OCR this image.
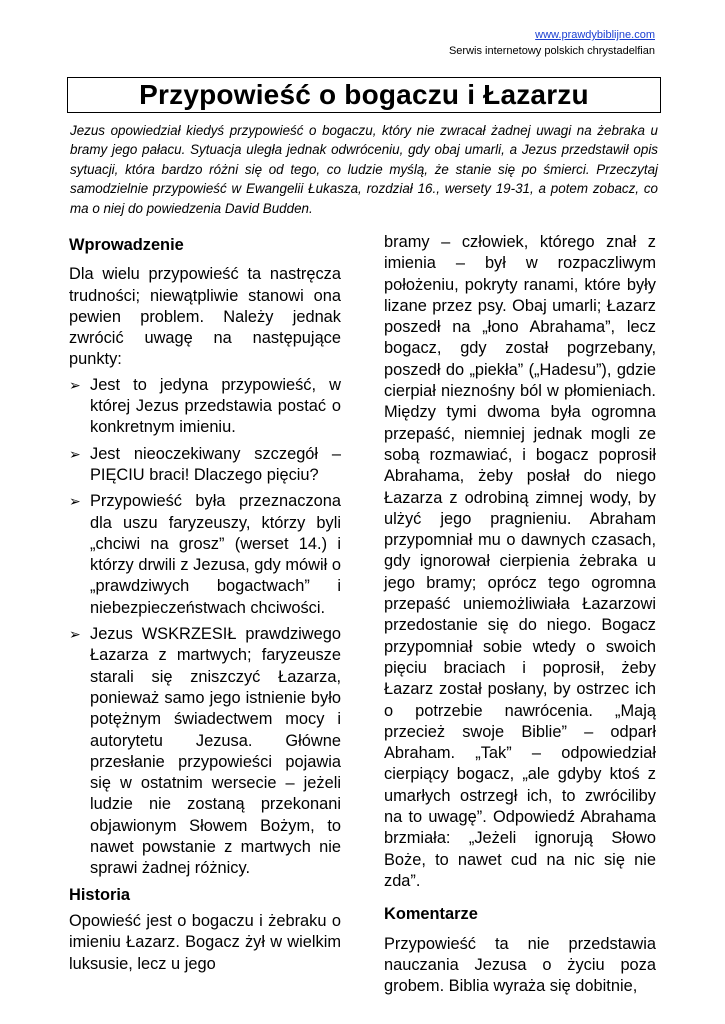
www.prawdybiblijne.com
Serwis internetowy polskich chrystadelfian
Przypowieść o bogaczu i Łazarzu

Jezus opowiedział kiedyś przypowieść o bogaczu, który nie zwracał żadnej uwagi na żebraka u bramy jego pałacu. Sytuacja uległa jednak odwróceniu, gdy obaj umarli, a Jezus przedstawił opis sytuacji, która bardzo różni się od tego, co ludzie myślą, że stanie się po śmierci. Przeczytaj samodzielnie przypowieść w Ewangelii Łukasza, rozdział 16., wersety 19-31, a potem zobacz, co ma o niej do powiedzenia David Budden.

Wprowadzenie

Dla wielu przypowieść ta nastręcza trudności; niewątpliwie stanowi ona pewien problem. Należy jednak zwrócić uwagę na następujące punkty:

➢ Jest to jedyna przypowieść, w której Jezus przedstawia postać o konkretnym imieniu.
➢ Jest nieoczekiwany szczegół – PIĘCIU braci! Dlaczego pięciu?
➢ Przypowieść była przeznaczona dla uszu faryzeuszy, którzy byli „chciwi na grosz” (werset 14.) i którzy drwili z Jezusa, gdy mówił o „prawdziwych bogactwach” i niebezpieczeństwach chciwości.
➢ Jezus WSKRZESIŁ prawdziwego Łazarza z martwych; faryzeusze starali się zniszczyć Łazarza, ponieważ samo jego istnienie było potężnym świadectwem mocy i autorytetu Jezusa. Główne przesłanie przypowieści pojawia się w ostatnim wersecie – jeżeli ludzie nie zostaną przekonani objawionym Słowem Bożym, to nawet powstanie z martwych nie sprawi żadnej różnicy.
Historia

Opowieść jest o bogaczu i żebraku o imieniu Łazarz. Bogacz żył w wielkim luksusie, lecz u jego

bramy – człowiek, którego znał z imienia – był w rozpaczliwym położeniu, pokryty ranami, które były lizane przez psy. Obaj umarli; Łazarz poszedł na „łono Abrahama”, lecz bogacz, gdy został pogrzebany, poszedł do „piekła” („Hadesu”), gdzie cierpiał nieznośny ból w płomieniach. Między tymi dwoma była ogromna przepaść, niemniej jednak mogli ze sobą rozmawiać, i bogacz poprosił Abrahama, żeby posłał do niego Łazarza z odrobiną zimnej wody, by ulżyć jego pragnieniu. Abraham przypomniał mu o dawnych czasach, gdy ignorował cierpienia żebraka u jego bramy; oprócz tego ogromna przepaść uniemożliwiała Łazarzowi przedostanie się do niego. Bogacz przypomniał sobie wtedy o swoich pięciu braciach i poprosił, żeby Łazarz został posłany, by ostrzec ich o potrzebie nawrócenia. „Mają przecież swoje Biblie” – odparł Abraham. „Tak” – odpowiedział cierpiący bogacz, „ale gdyby ktoś z umarłych ostrzegł ich, to zwróciliby na to uwagę”. Odpowiedź Abrahama brzmiała: „Jeżeli ignorują Słowo Boże, to nawet cud na nic się nie zda”.

Komentarze

Przypowieść ta nie przedstawia nauczania Jezusa o życiu poza grobem. Biblia wyraża się dobitnie,
